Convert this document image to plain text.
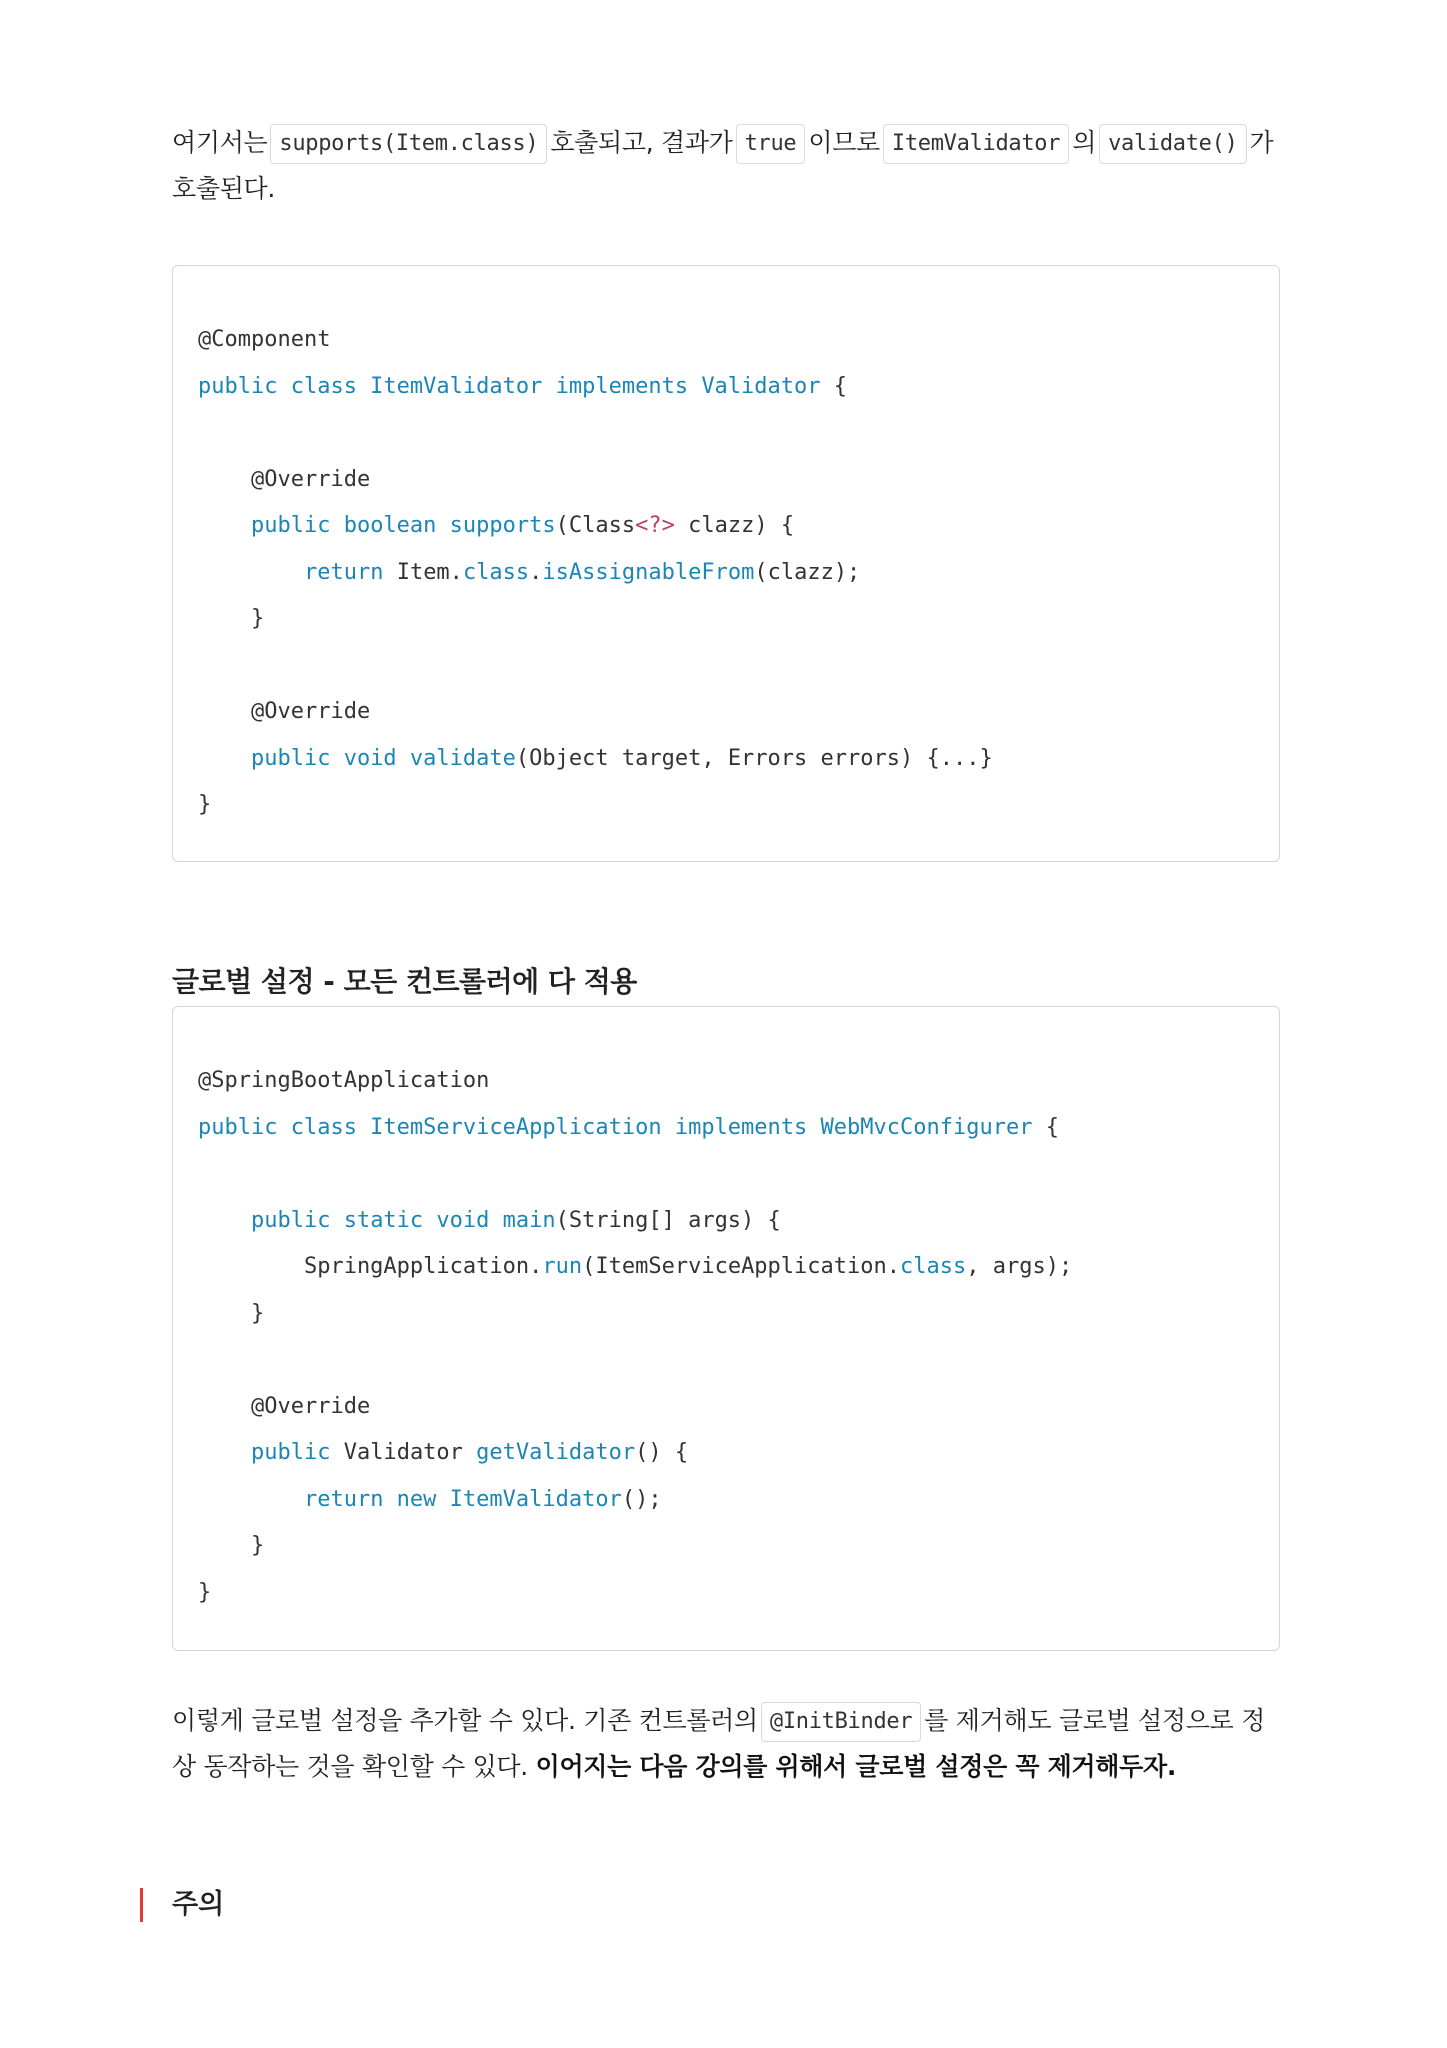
여기서는 supports(Item.class) 호출되고, 결과가 true 이므로 ItemValidator 의 validate() 가 호출된다.

@Component
public class ItemValidator implements Validator {
@Override
public boolean supports(Class<?> clazz) {
return Item.class.isAssignableFrom(clazz);
}
@Override
public void validate(Object target, Errors errors) {...}
}
글로벌 설정 - 모든 컨트롤러에 다 적용
@SpringBootApplication
public class ItemServiceApplication implements WebMvcConfigurer {
public static void main(String[] args) {
SpringApplication.run(ItemServiceApplication.class, args);
}
@Override
public Validator getValidator() {
return new ItemValidator();
}
}

이렇게 글로벌 설정을 추가할 수 있다. 기존 컨트롤러의 @InitBinder 를 제거해도 글로벌 설정으로 정상 동작하는 것을 확인할 수 있다. 이어지는 다음 강의를 위해서 글로벌 설정은 꼭 제거해두자.

주의
